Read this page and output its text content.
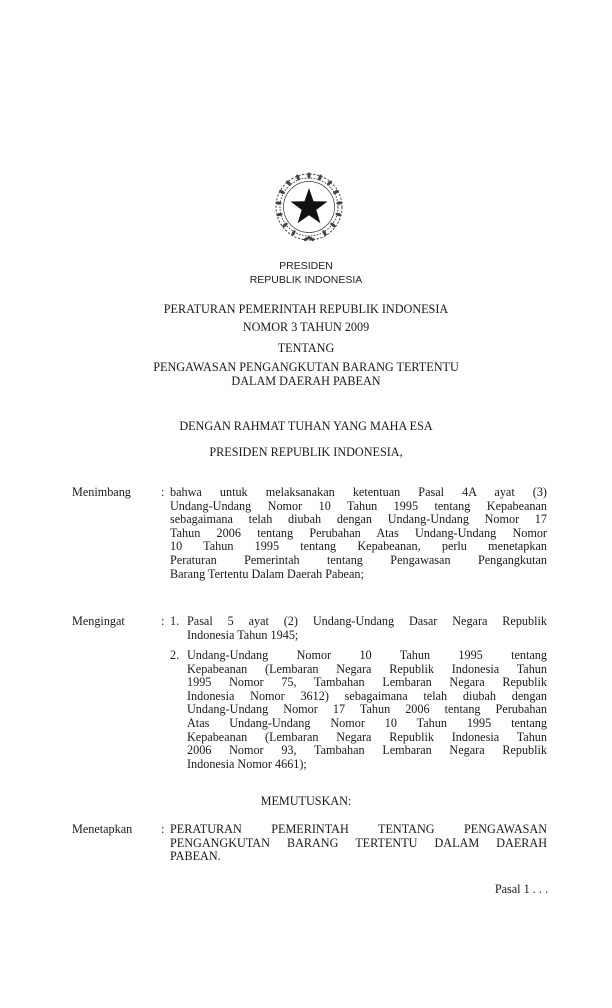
PRESIDEN
REPUBLIK INDONESIA
PERATURAN PEMERINTAH REPUBLIK INDONESIA
NOMOR 3 TAHUN 2009
TENTANG
PENGAWASAN PENGANGKUTAN BARANG TERTENTU
DALAM DAERAH PABEAN
DENGAN RAHMAT TUHAN YANG MAHA ESA
PRESIDEN REPUBLIK INDONESIA,
Menimbang : bahwa untuk melaksanakan ketentuan Pasal 4A ayat (3)
Undang-Undang Nomor 10 Tahun 1995 tentang Kepabeanan
sebagaimana telah diubah dengan Undang-Undang Nomor 17
Tahun 2006 tentang Perubahan Atas Undang-Undang Nomor
10 Tahun 1995 tentang Kepabeanan, perlu menetapkan
Peraturan Pemerintah tentang Pengawasan Pengangkutan
Barang Tertentu Dalam Daerah Pabean;
Mengingat	: 1. Pasal 5 ayat (2) Undang-Undang Dasar Negara Republik
Indonesia Tahun 1945;
2. Undang-Undang Nomor 10 Tahun 1995 tentang
Kepabeanan (Lembaran Negara Republik Indonesia Tahun
1995 Nomor 75, Tambahan Lembaran Negara Republik
Indonesia Nomor 3612) sebagaimana telah diubah dengan
Undang-Undang Nomor 17 Tahun 2006 tentang Perubahan
Atas Undang-Undang Nomor 10 Tahun 1995 tentang
Kepabeanan (Lembaran Negara Republik Indonesia Tahun
2006 Nomor 93, Tambahan Lembaran Negara Republik
Indonesia Nomor 4661);
MEMUTUSKAN:
Menetapkan : PERATURAN PEMERINTAH TENTANG PENGAWASAN
PENGANGKUTAN BARANG TERTENTU DALAM DAERAH
PABEAN.
Pasal 1 . . .
